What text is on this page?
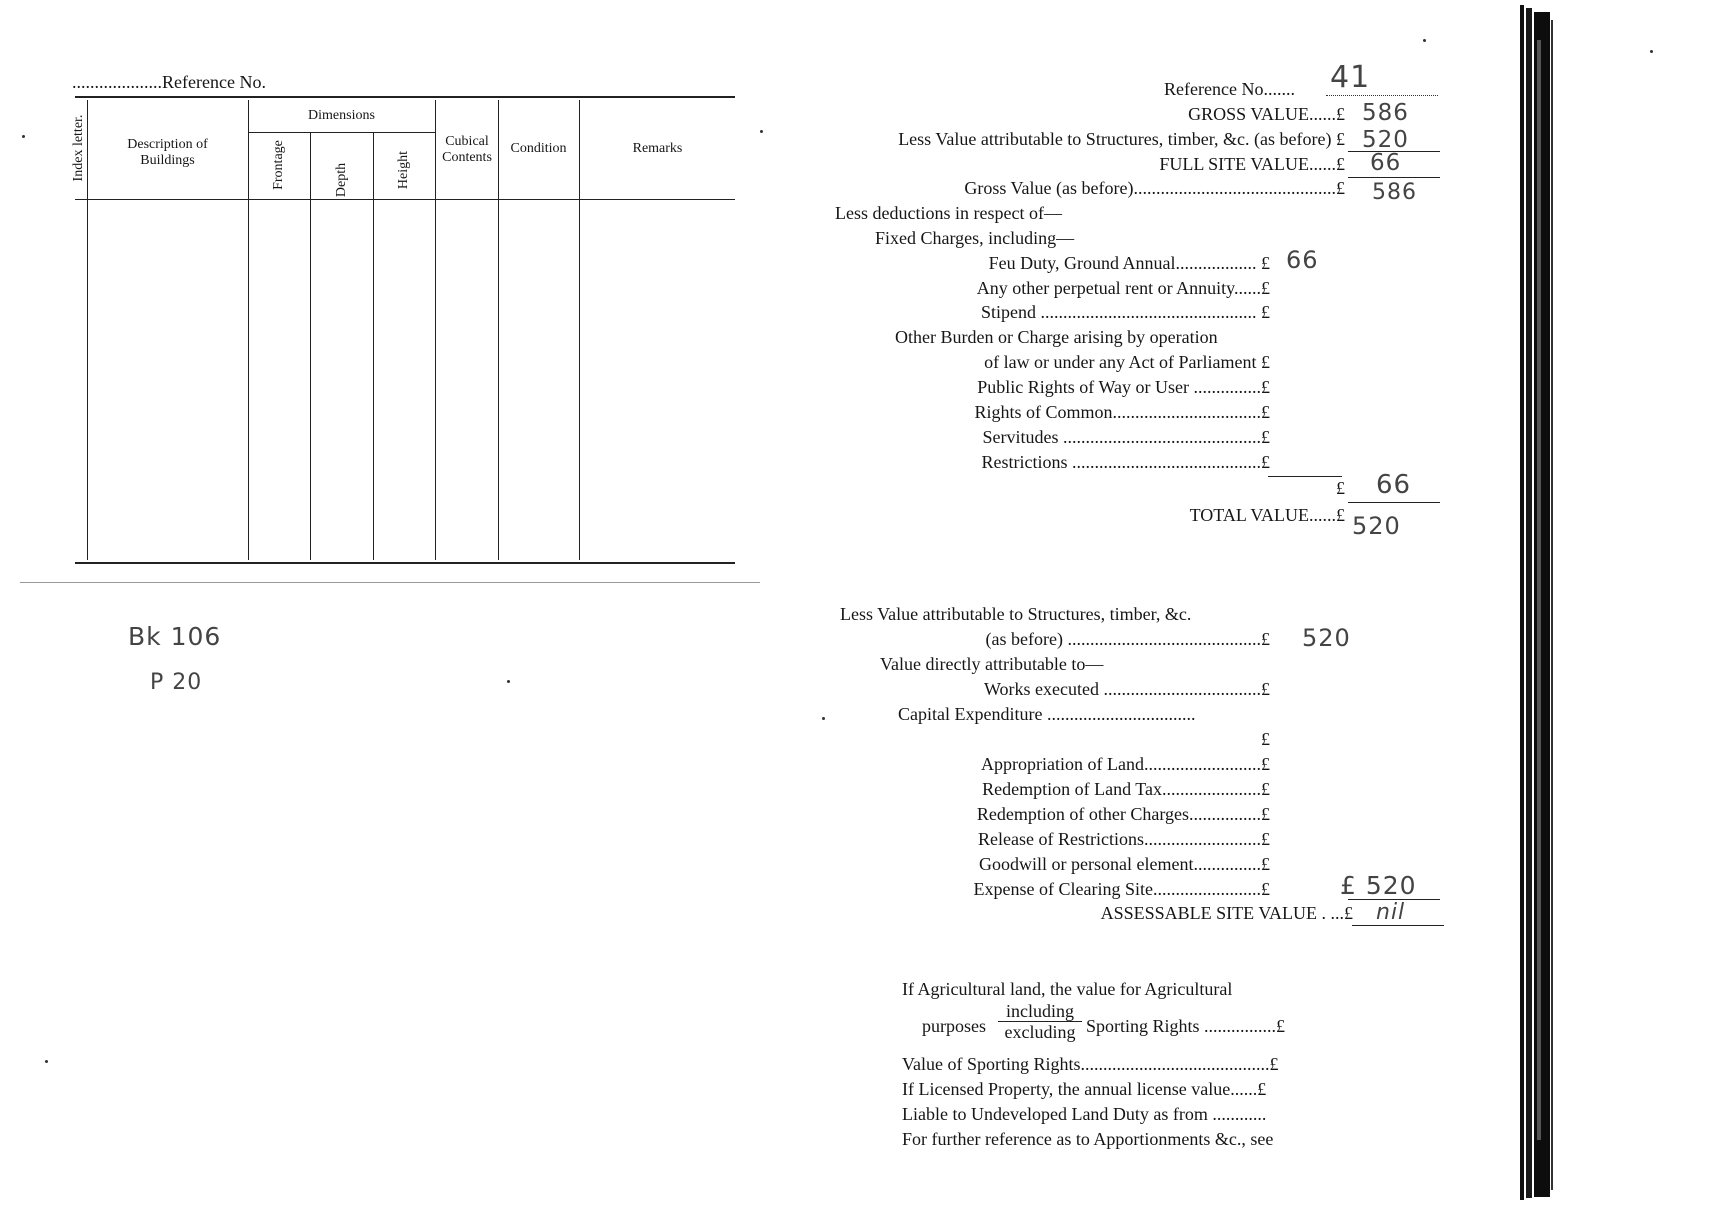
....................Reference No.
Index letter.	Description of Buildings
Dimensions
Frontage	Depth	Height
Cubical Contents
Condition	Remarks
Bk 106
P 20
Reference No....... 41
GROSS VALUE......£ 586
Less Value attributable to Structures, timber, &c. (as before) £ 520
FULL SITE VALUE......£ 66
Gross Value (as before).............................................£ 586
Less deductions in respect of—
Fixed Charges, including—
Feu Duty, Ground Annual.................. £ 66
Any other perpetual rent or Annuity......£
Stipend ................................................ £
Other Burden or Charge arising by operation
of law or under any Act of Parliament £
Public Rights of Way or User ...............£
Rights of Common.................................£
Servitudes ............................................£
Restrictions ..........................................£
£ 66
TOTAL VALUE......£ 520
Less Value attributable to Structures, timber, &c.
(as before) ...........................................£ 520
Value directly attributable to—
Works executed ...................................£
Capital Expenditure .................................
£
Appropriation of Land..........................£
Redemption of Land Tax......................£
Redemption of other Charges................£
Release of Restrictions..........................£
Goodwill or personal element...............£
Expense of Clearing Site........................£	£ 520
ASSESSABLE SITE VALUE . ...£ nil
If Agricultural land, the value for Agricultural
purposes
including
excluding Sporting Rights ................£
Value of Sporting Rights..........................................£
If Licensed Property, the annual license value......£
Liable to Undeveloped Land Duty as from ............
For further reference as to Apportionments &c., see
